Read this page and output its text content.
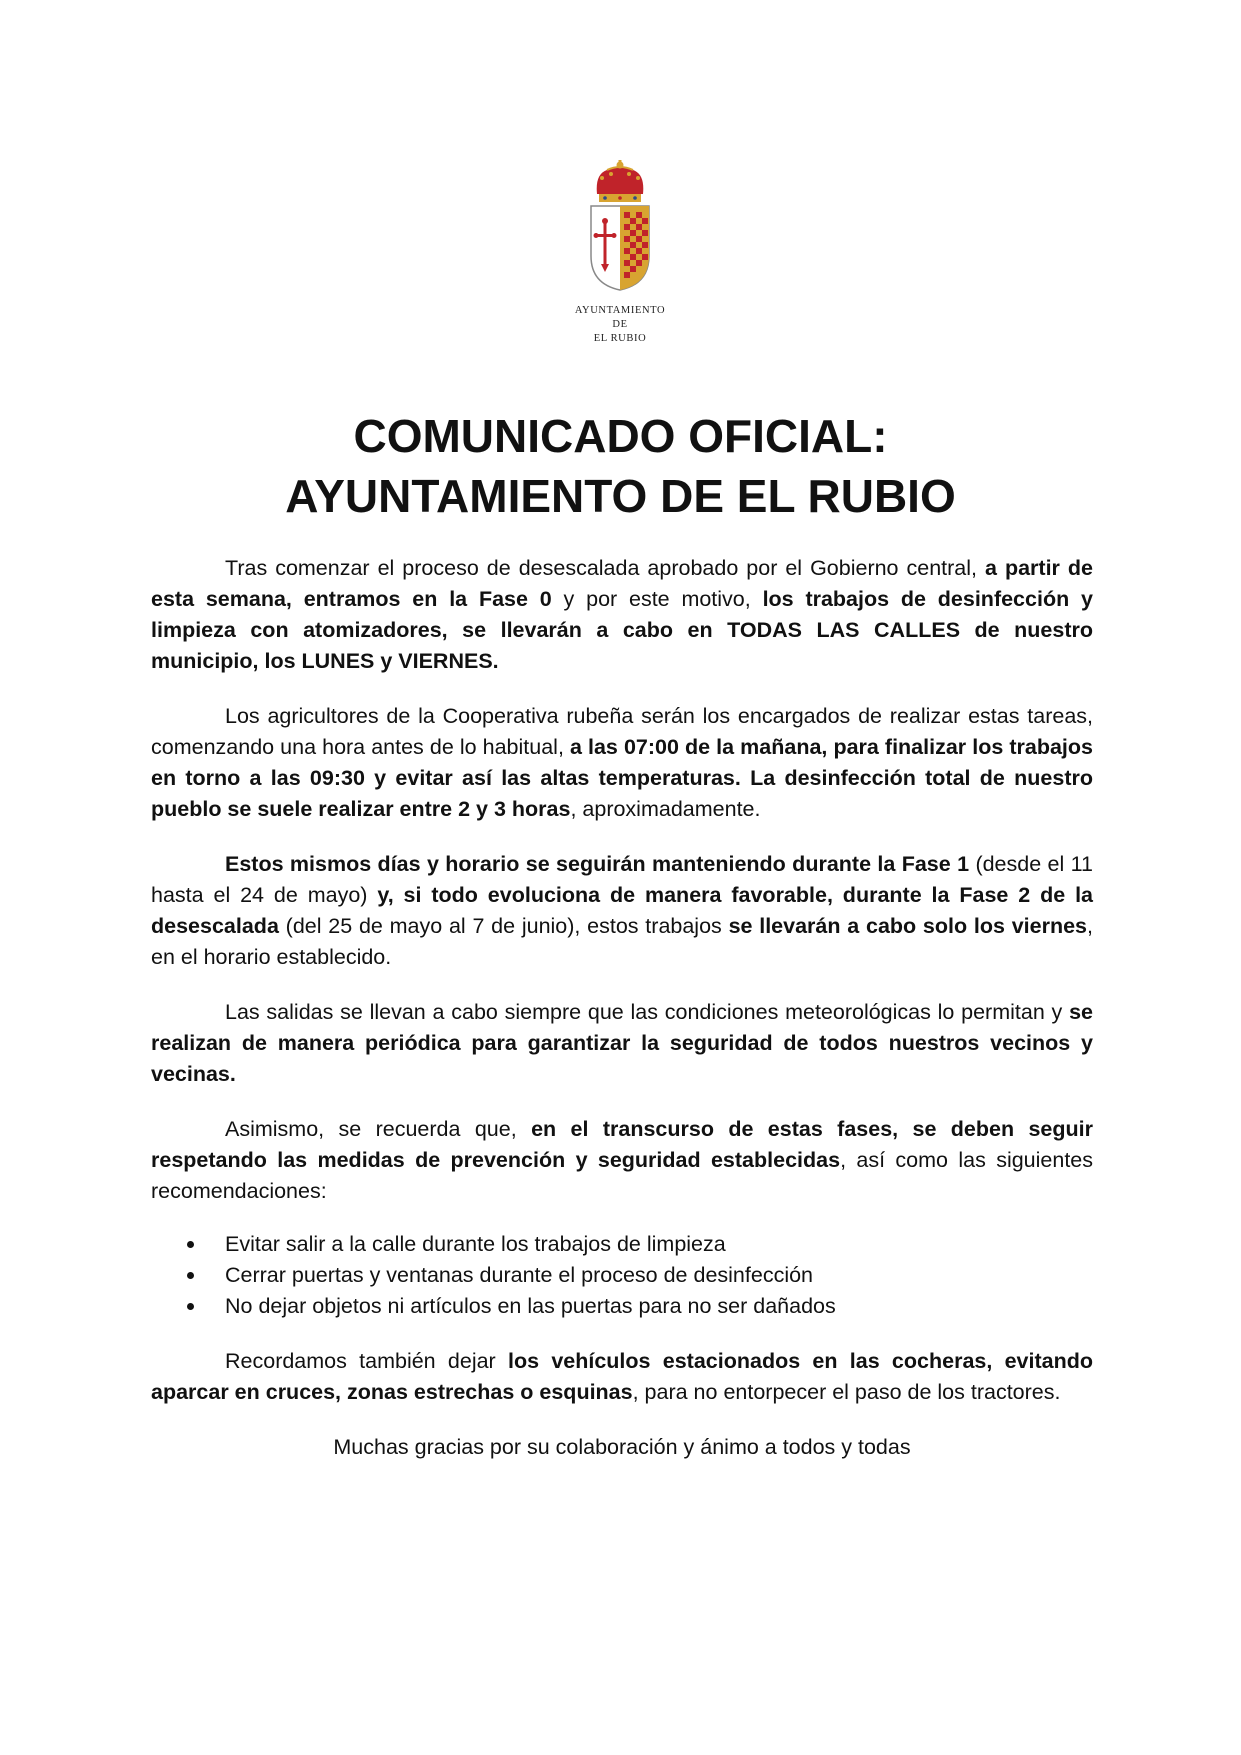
AYUNTAMIENTO
DE
EL RUBIO
COMUNICADO OFICIAL:
AYUNTAMIENTO DE EL RUBIO

Tras comenzar el proceso de desescalada aprobado por el Gobierno central, a partir de esta semana, entramos en la Fase 0 y por este motivo, los trabajos de desinfección y limpieza con atomizadores, se llevarán a cabo en TODAS LAS CALLES de nuestro municipio, los LUNES y VIERNES.

Los agricultores de la Cooperativa rubeña serán los encargados de realizar estas tareas, comenzando una hora antes de lo habitual, a las 07:00 de la mañana, para finalizar los trabajos en torno a las 09:30 y evitar así las altas temperaturas. La desinfección total de nuestro pueblo se suele realizar entre 2 y 3 horas, aproximadamente.

Estos mismos días y horario se seguirán manteniendo durante la Fase 1 (desde el 11 hasta el 24 de mayo) y, si todo evoluciona de manera favorable, durante la Fase 2 de la desescalada (del 25 de mayo al 7 de junio), estos trabajos se llevarán a cabo solo los viernes, en el horario establecido.

Las salidas se llevan a cabo siempre que las condiciones meteorológicas lo permitan y se realizan de manera periódica para garantizar la seguridad de todos nuestros vecinos y vecinas.

Asimismo, se recuerda que, en el transcurso de estas fases, se deben seguir respetando las medidas de prevención y seguridad establecidas, así como las siguientes recomendaciones:

Evitar salir a la calle durante los trabajos de limpieza
Cerrar puertas y ventanas durante el proceso de desinfección
No dejar objetos ni artículos en las puertas para no ser dañados

Recordamos también dejar los vehículos estacionados en las cocheras, evitando aparcar en cruces, zonas estrechas o esquinas, para no entorpecer el paso de los tractores.

Muchas gracias por su colaboración y ánimo a todos y todas
